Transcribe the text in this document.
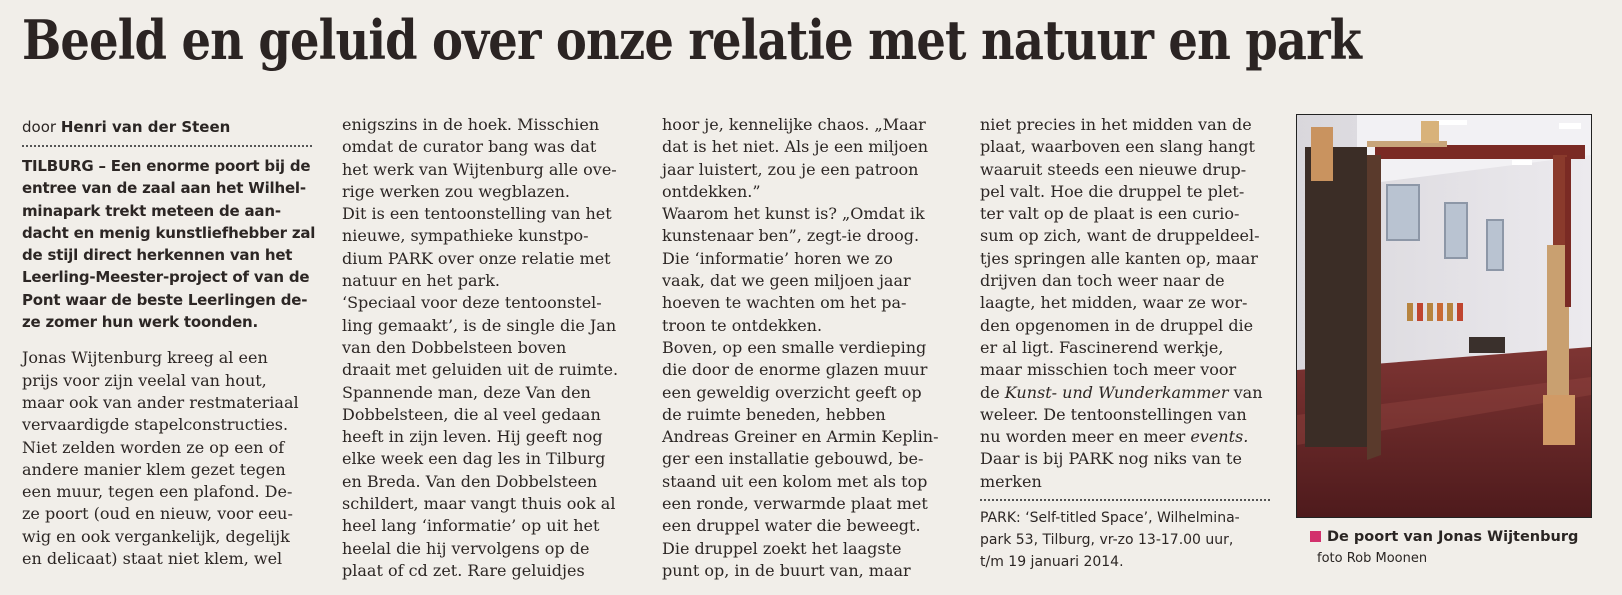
Beeld en geluid over onze relatie met natuur en park

door Henri van der Steen

TILBURG – Een enorme poort bij de

entree van de zaal aan het Wilhel-

minapark trekt meteen de aan-

dacht en menig kunstliefhebber zal

de stijl direct herkennen van het

Leerling-Meester-project of van de

Pont waar de beste Leerlingen de-

ze zomer hun werk toonden.

Jonas Wijtenburg kreeg al een

prijs voor zijn veelal van hout,

maar ook van ander restmateriaal

vervaardigde stapelconstructies.

Niet zelden worden ze op een of

andere manier klem gezet tegen

een muur, tegen een plafond. De-

ze poort (oud en nieuw, voor eeu-

wig en ook vergankelijk, degelijk

en delicaat) staat niet klem, wel

enigszins in de hoek. Misschien

omdat de curator bang was dat

het werk van Wijtenburg alle ove-

rige werken zou wegblazen.

Dit is een tentoonstelling van het

nieuwe, sympathieke kunstpo-

dium PARK over onze relatie met

natuur en het park.

‘Speciaal voor deze tentoonstel-

ling gemaakt’, is de single die Jan

van den Dobbelsteen boven

draait met geluiden uit de ruimte.

Spannende man, deze Van den

Dobbelsteen, die al veel gedaan

heeft in zijn leven. Hij geeft nog

elke week een dag les in Tilburg

en Breda. Van den Dobbelsteen

schildert, maar vangt thuis ook al

heel lang ‘informatie’ op uit het

heelal die hij vervolgens op de

plaat of cd zet. Rare geluidjes

hoor je, kennelijke chaos. „Maar

dat is het niet. Als je een miljoen

jaar luistert, zou je een patroon

ontdekken.”

Waarom het kunst is? „Omdat ik

kunstenaar ben”, zegt-ie droog.

Die ‘informatie’ horen we zo

vaak, dat we geen miljoen jaar

hoeven te wachten om het pa-

troon te ontdekken.

Boven, op een smalle verdieping

die door de enorme glazen muur

een geweldig overzicht geeft op

de ruimte beneden, hebben

Andreas Greiner en Armin Keplin-

ger een installatie gebouwd, be-

staand uit een kolom met als top

een ronde, verwarmde plaat met

een druppel water die beweegt.

Die druppel zoekt het laagste

punt op, in de buurt van, maar

niet precies in het midden van de

plaat, waarboven een slang hangt

waaruit steeds een nieuwe drup-

pel valt. Hoe die druppel te plet-

ter valt op de plaat is een curio-

sum op zich, want de druppeldeel-

tjes springen alle kanten op, maar

drijven dan toch weer naar de

laagte, het midden, waar ze wor-

den opgenomen in de druppel die

er al ligt. Fascinerend werkje,

maar misschien toch meer voor

de Kunst- und Wunderkammer van

weleer. De tentoonstellingen van

nu worden meer en meer events.

Daar is bij PARK nog niks van te

merken

PARK: ‘Self-titled Space’, Wilhelmina-

park 53, Tilburg, vr-zo 13-17.00 uur,

t/m 19 januari 2014.

De poort van Jonas Wijtenburg
foto Rob Moonen
